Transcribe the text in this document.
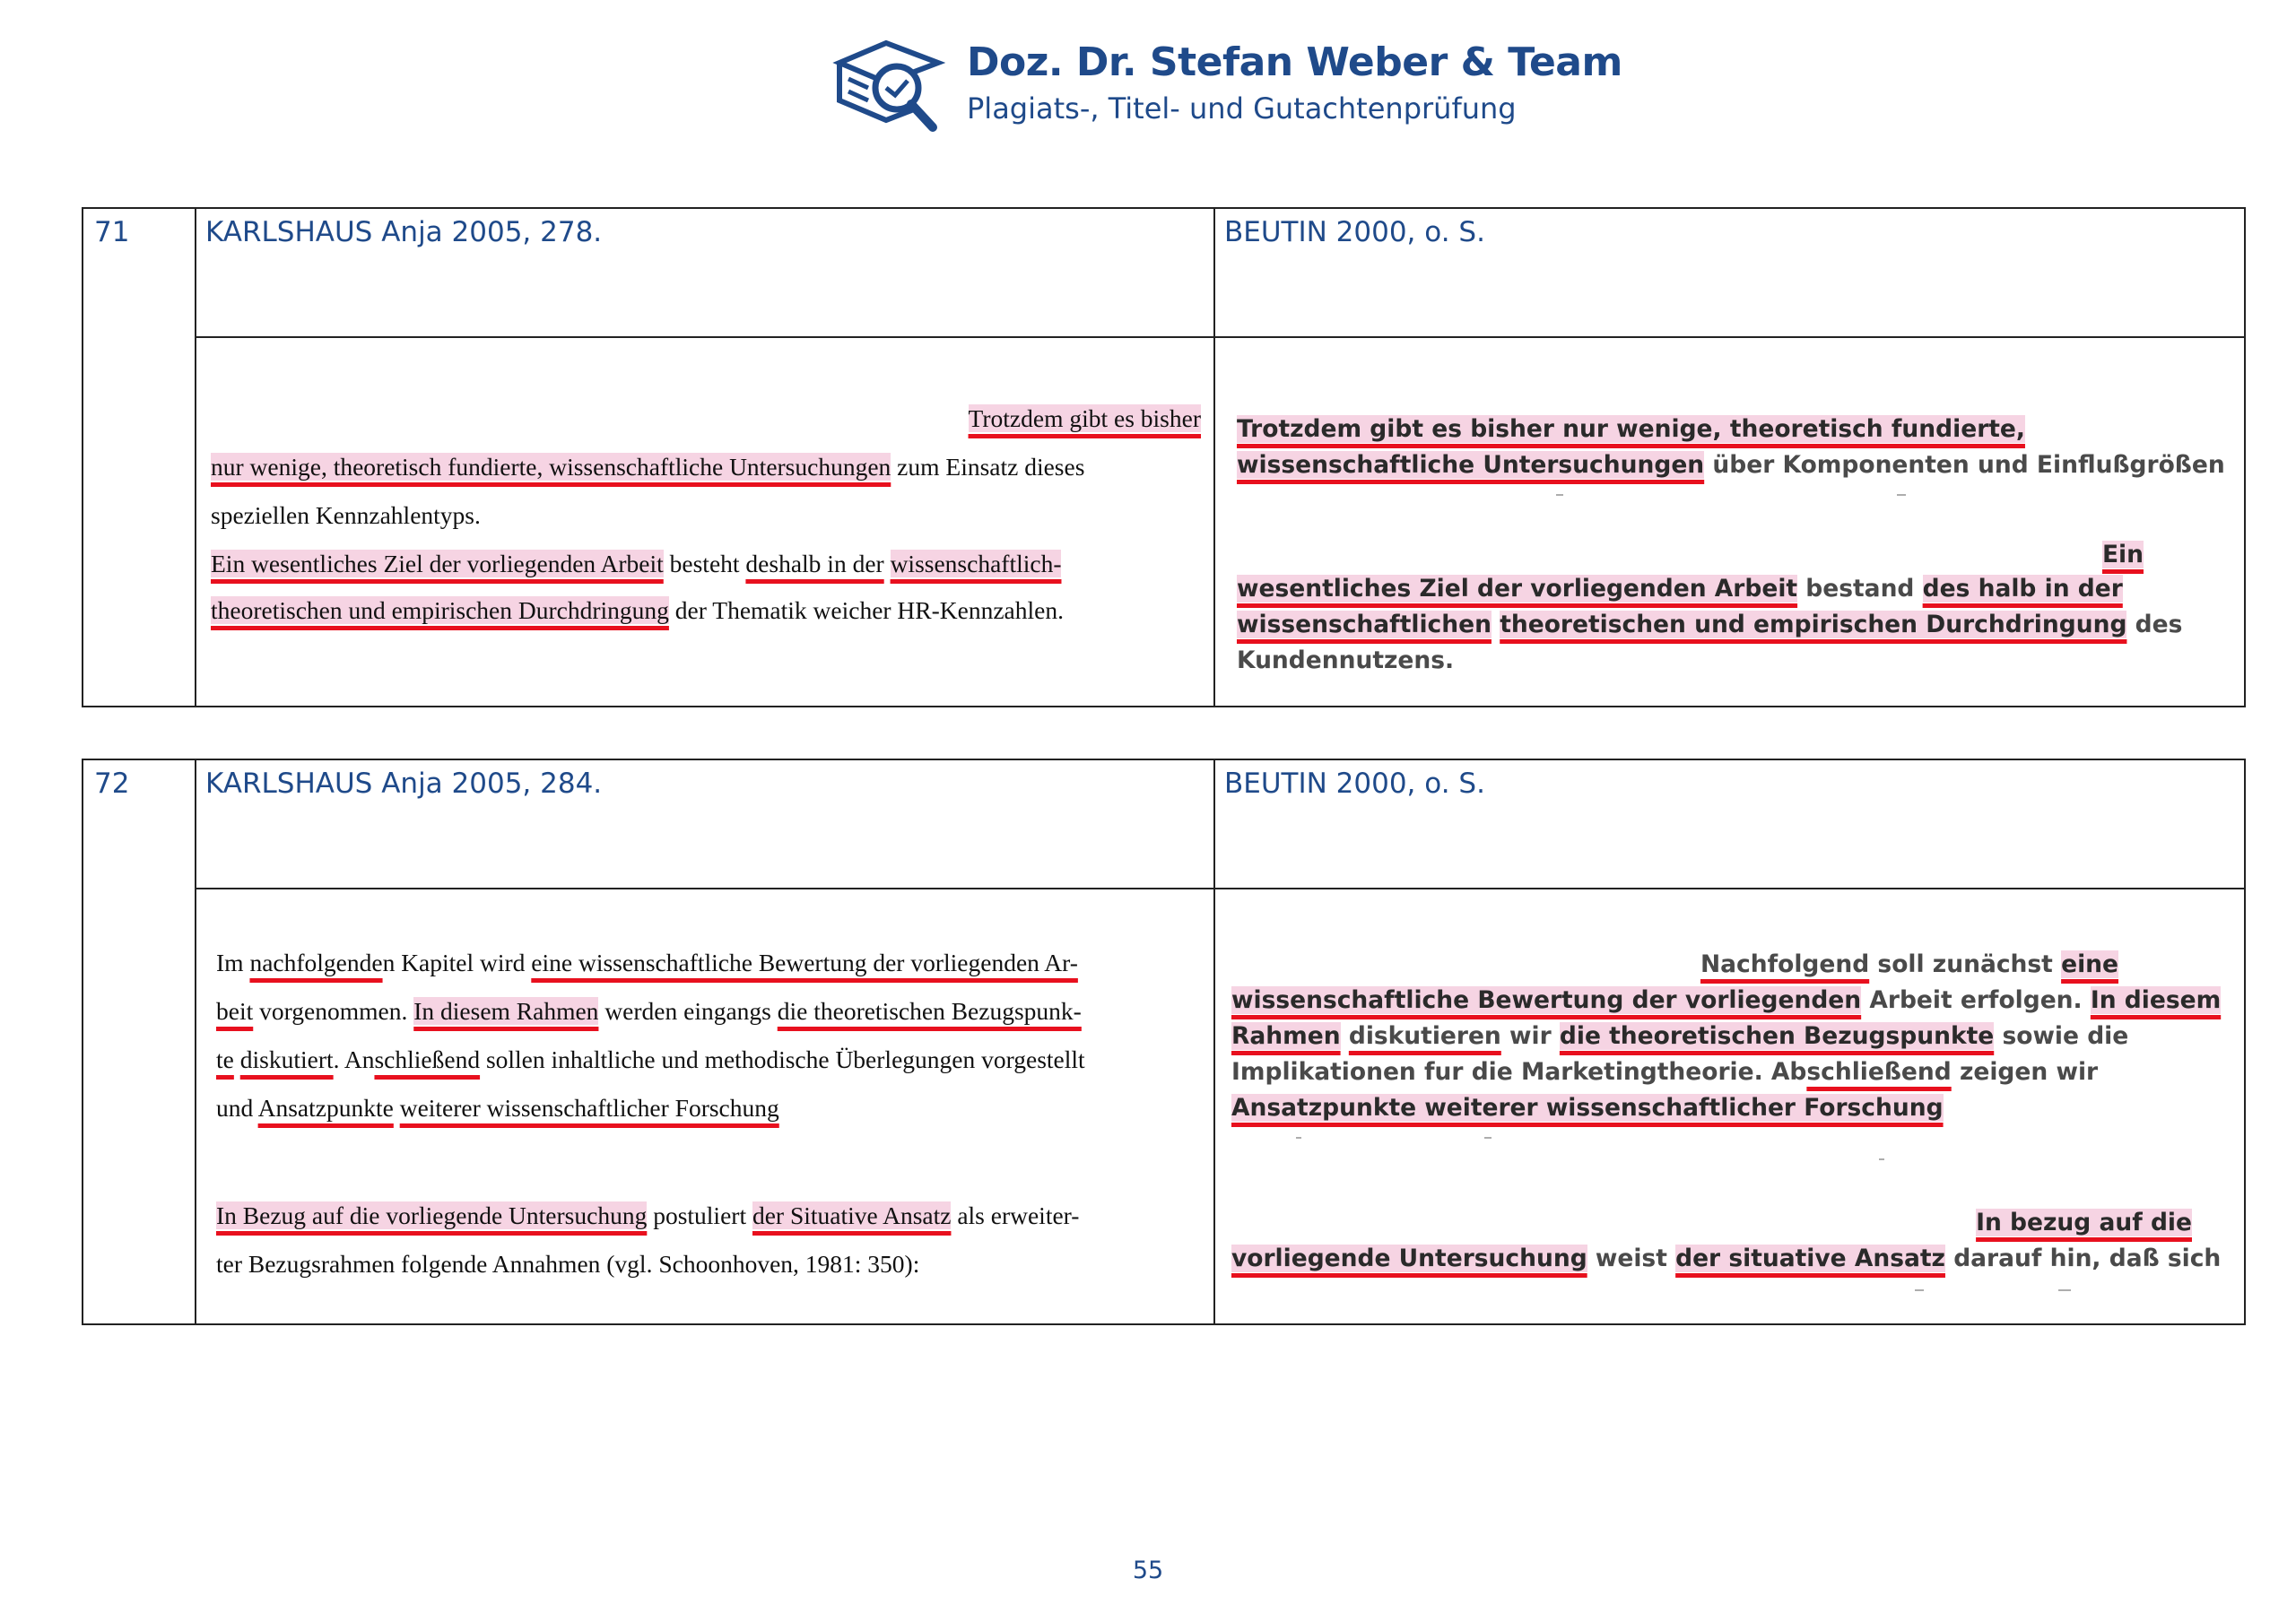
Doz. Dr. Stefan Weber & Team
Plagiats-, Titel- und Gutachtenprüfung
71	KARLSHAUS Anja 2005, 278.
Trotzdem gibt es bisher
nur wenige, theoretisch fundierte, wissenschaftliche Untersuchungen zum Einsatz dieses
speziellen Kennzahlentyps.
Ein wesentliches Ziel der vorliegenden Arbeit besteht deshalb in der wissenschaftlich-
theoretischen und empirischen Durchdringung der Thematik weicher HR-Kennzahlen.
BEUTIN 2000, o. S.
Trotzdem gibt es bisher nur wenige, theoretisch fundierte,
wissenschaftliche Untersuchungen über Komponenten und Einflußgrößen
Ein
wesentliches Ziel der vorliegenden Arbeit bestand des halb in der
wissenschaftlichen theoretischen und empirischen Durchdringung des
Kundennutzens.
72	KARLSHAUS Anja 2005, 284.
Im nachfolgenden Kapitel wird eine wissenschaftliche Bewertung der vorliegenden Ar-
beit vorgenommen. In diesem Rahmen werden eingangs die theoretischen Bezugspunk-
te diskutiert. Anschließend sollen inhaltliche und methodische Überlegungen vorgestellt
und Ansatzpunkte weiterer wissenschaftlicher Forschung
In Bezug auf die vorliegende Untersuchung postuliert der Situative Ansatz als erweiter-
ter Bezugsrahmen folgende Annahmen (vgl. Schoonhoven, 1981: 350):
BEUTIN 2000, o. S.
Nachfolgend soll zunächst eine
wissenschaftliche Bewertung der vorliegenden Arbeit erfolgen. In diesem
Rahmen diskutieren wir die theoretischen Bezugspunkte sowie die
Implikationen fur die Marketingtheorie. Abschließend zeigen wir
Ansatzpunkte weiterer wissenschaftlicher Forschung
In bezug auf die
vorliegende Untersuchung weist der situative Ansatz darauf hin, daß sich
55
